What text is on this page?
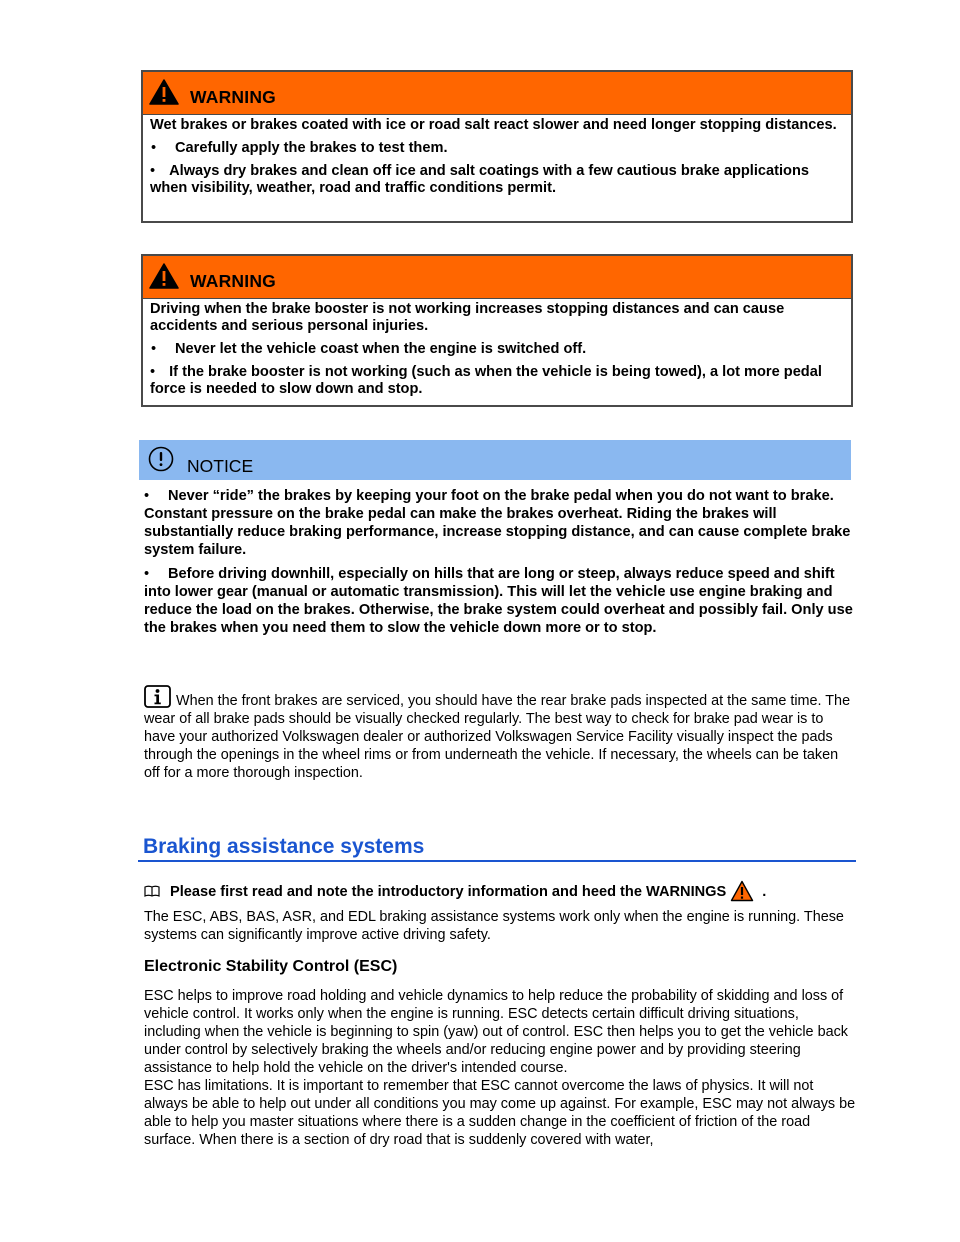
WARNING

Wet brakes or brakes coated with ice or road salt react slower and need longer stopping distances.

• Carefully apply the brakes to test them.
• Always dry brakes and clean off ice and salt coatings with a few cautious brake applications when visibility, weather, road and traffic conditions permit.
WARNING

Driving when the brake booster is not working increases stopping distances and can cause accidents and serious personal injuries.

• Never let the vehicle coast when the engine is switched off.
• If the brake booster is not working (such as when the vehicle is being towed), a lot more pedal force is needed to slow down and stop.
NOTICE
• Never “ride” the brakes by keeping your foot on the brake pedal when you do not want to brake. Constant pressure on the brake pedal can make the brakes overheat. Riding the brakes will substantially reduce braking performance, increase stopping distance, and can cause complete brake system failure.
• Before driving downhill, especially on hills that are long or steep, always reduce speed and shift into lower gear (manual or automatic transmission). This will let the vehicle use engine braking and reduce the load on the brakes. Otherwise, the brake system could overheat and possibly fail. Only use the brakes when you need them to slow the vehicle down more or to stop.
When the front brakes are serviced, you should have the rear brake pads inspected at the same time. The wear of all brake pads should be visually checked regularly. The best way to check for brake pad wear is to have your authorized Volkswagen dealer or authorized Volkswagen Service Facility visually inspect the pads through the openings in the wheel rims or from underneath the vehicle. If necessary, the wheels can be taken off for a more thorough inspection.
Braking assistance systems
Please first read and note the introductory information and heed the WARNINGS .
The ESC, ABS, BAS, ASR, and EDL braking assistance systems work only when the engine is running. These systems can significantly improve active driving safety.
Electronic Stability Control (ESC)
ESC helps to improve road holding and vehicle dynamics to help reduce the probability of skidding and loss of vehicle control. It works only when the engine is running. ESC detects certain difficult driving situations, including when the vehicle is beginning to spin (yaw) out of control. ESC then helps you to get the vehicle back under control by selectively braking the wheels and/or reducing engine power and by providing steering assistance to help hold the vehicle on the driver's intended course.
ESC has limitations. It is important to remember that ESC cannot overcome the laws of physics. It will not always be able to help out under all conditions you may come up against. For example, ESC may not always be able to help you master situations where there is a sudden change in the coefficient of friction of the road surface. When there is a section of dry road that is suddenly covered with water,
